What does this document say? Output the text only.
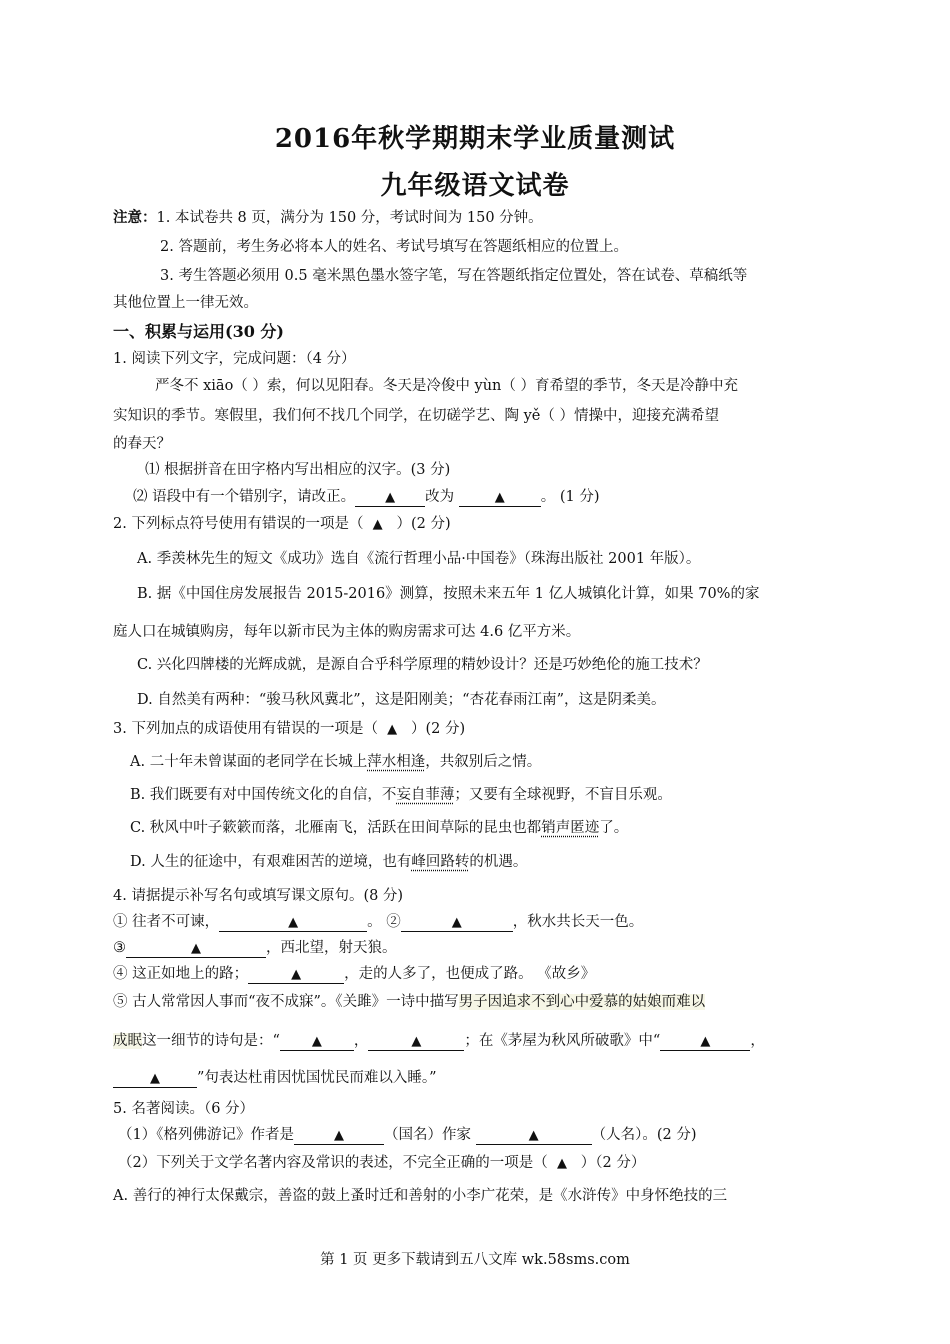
2016年秋学期期末学业质量测试
九年级语文试卷
注意：1. 本试卷共 8 页，满分为 150 分，考试时间为 150 分钟。
2. 答题前，考生务必将本人的姓名、考试号填写在答题纸相应的位置上。
3. 考生答题必须用 0.5 毫米黑色墨水签字笔，写在答题纸指定位置处，答在试卷、草稿纸等
其他位置上一律无效。
一、积累与运用(30 分)
1. 阅读下列文字，完成问题：（4 分）
严冬不 xiāo（ ）索，何以见阳春。冬天是冷俊中 yùn（ ）育希望的季节，冬天是冷静中充
实知识的季节。寒假里，我们何不找几个同学，在切磋学艺、陶 yě（ ）情操中，迎接充满希望
的春天？
⑴ 根据拼音在田字格内写出相应的汉字。(3 分)
⑵ 语段中有一个错别字，请改正。 ▲ 改为	▲ 。 (1 分)
2. 下列标点符号使用有错误的一项是（ ▲ ）(2 分)
A. 季羡林先生的短文《成功》选自《流行哲理小品·中国卷》（珠海出版社 2001 年版）。
B. 据《中国住房发展报告 2015-2016》测算，按照未来五年 1 亿人城镇化计算，如果 70%的家
庭人口在城镇购房，每年以新市民为主体的购房需求可达 4.6 亿平方米。
C. 兴化四牌楼的光辉成就，是源自合乎科学原理的精妙设计？还是巧妙绝伦的施工技术？
D. 自然美有两种：“骏马秋风冀北”，这是阳刚美；“杏花春雨江南”，这是阴柔美。
3. 下列加点的成语使用有错误的一项是（ ▲ ）(2 分)
A. 二十年未曾谋面的老同学在长城上萍水相逢，共叙别后之情。
B. 我们既要有对中国传统文化的自信，不妄自菲薄；又要有全球视野，不盲目乐观。
C. 秋风中叶子簌簌而落，北雁南飞，活跃在田间草际的昆虫也都销声匿迹了。
D. 人生的征途中，有艰难困苦的逆境，也有峰回路转的机遇。
4. 请据提示补写名句或填写课文原句。(8 分)
① 往者不可谏，	▲	。 ②	▲	，秋水共长天一色。
③	▲	，西北望，射天狼。
④ 这正如地上的路；	▲	，走的人多了，也便成了路。 《故乡》
⑤ 古人常常因人事而“夜不成寐”。《关雎》一诗中描写男子因追求不到心中爱慕的姑娘而难以
成眠这一细节的诗句是：“ ▲ ，	▲	；在《茅屋为秋风所破歌》中“	▲	，
▲	”句表达杜甫因忧国忧民而难以入睡。”
5. 名著阅读。（6 分）
（1）《格列佛游记》作者是	▲	（国名）作家	▲	（人名）。(2 分)
（2）下列关于文学名著内容及常识的表述，不完全正确的一项是（ ▲ ）（2 分）
A. 善行的神行太保戴宗，善盗的鼓上蚤时迁和善射的小李广花荣，是《水浒传》中身怀绝技的三
第 1 页 更多下载请到五八文库 wk.58sms.com
